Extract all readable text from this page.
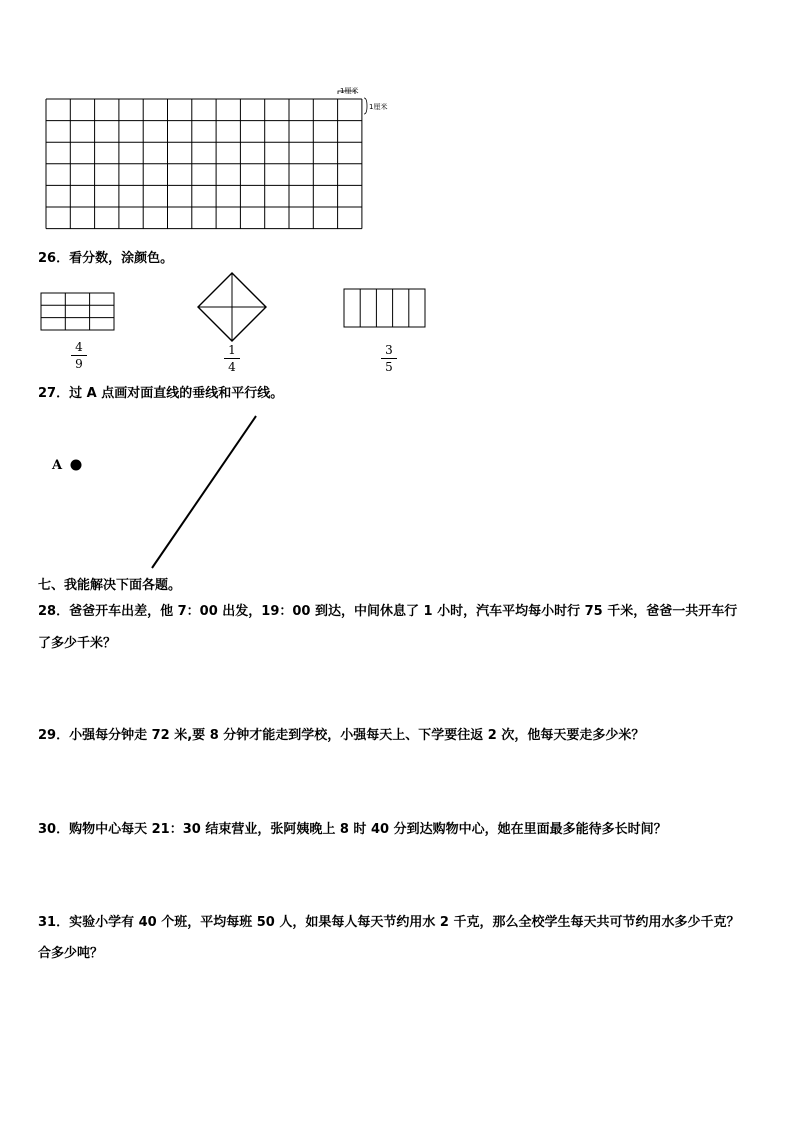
1厘米
1厘米
26．看分数，涂颜色。
4
9
1
4
3
5
27．过 A 点画对面直线的垂线和平行线。
A
七、我能解决下面各题。
28．爸爸开车出差，他 7：00 出发，19：00 到达，中间休息了 1 小时，汽车平均每小时行 75 千米，爸爸一共开车行
了多少千米？
29．小强每分钟走 72 米,要 8 分钟才能走到学校，小强每天上、下学要往返 2 次，他每天要走多少米？
30．购物中心每天 21：30 结束营业，张阿姨晚上 8 时 40 分到达购物中心，她在里面最多能待多长时间？
31．实验小学有 40 个班，平均每班 50 人，如果每人每天节约用水 2 千克，那么全校学生每天共可节约用水多少千克？
合多少吨？
